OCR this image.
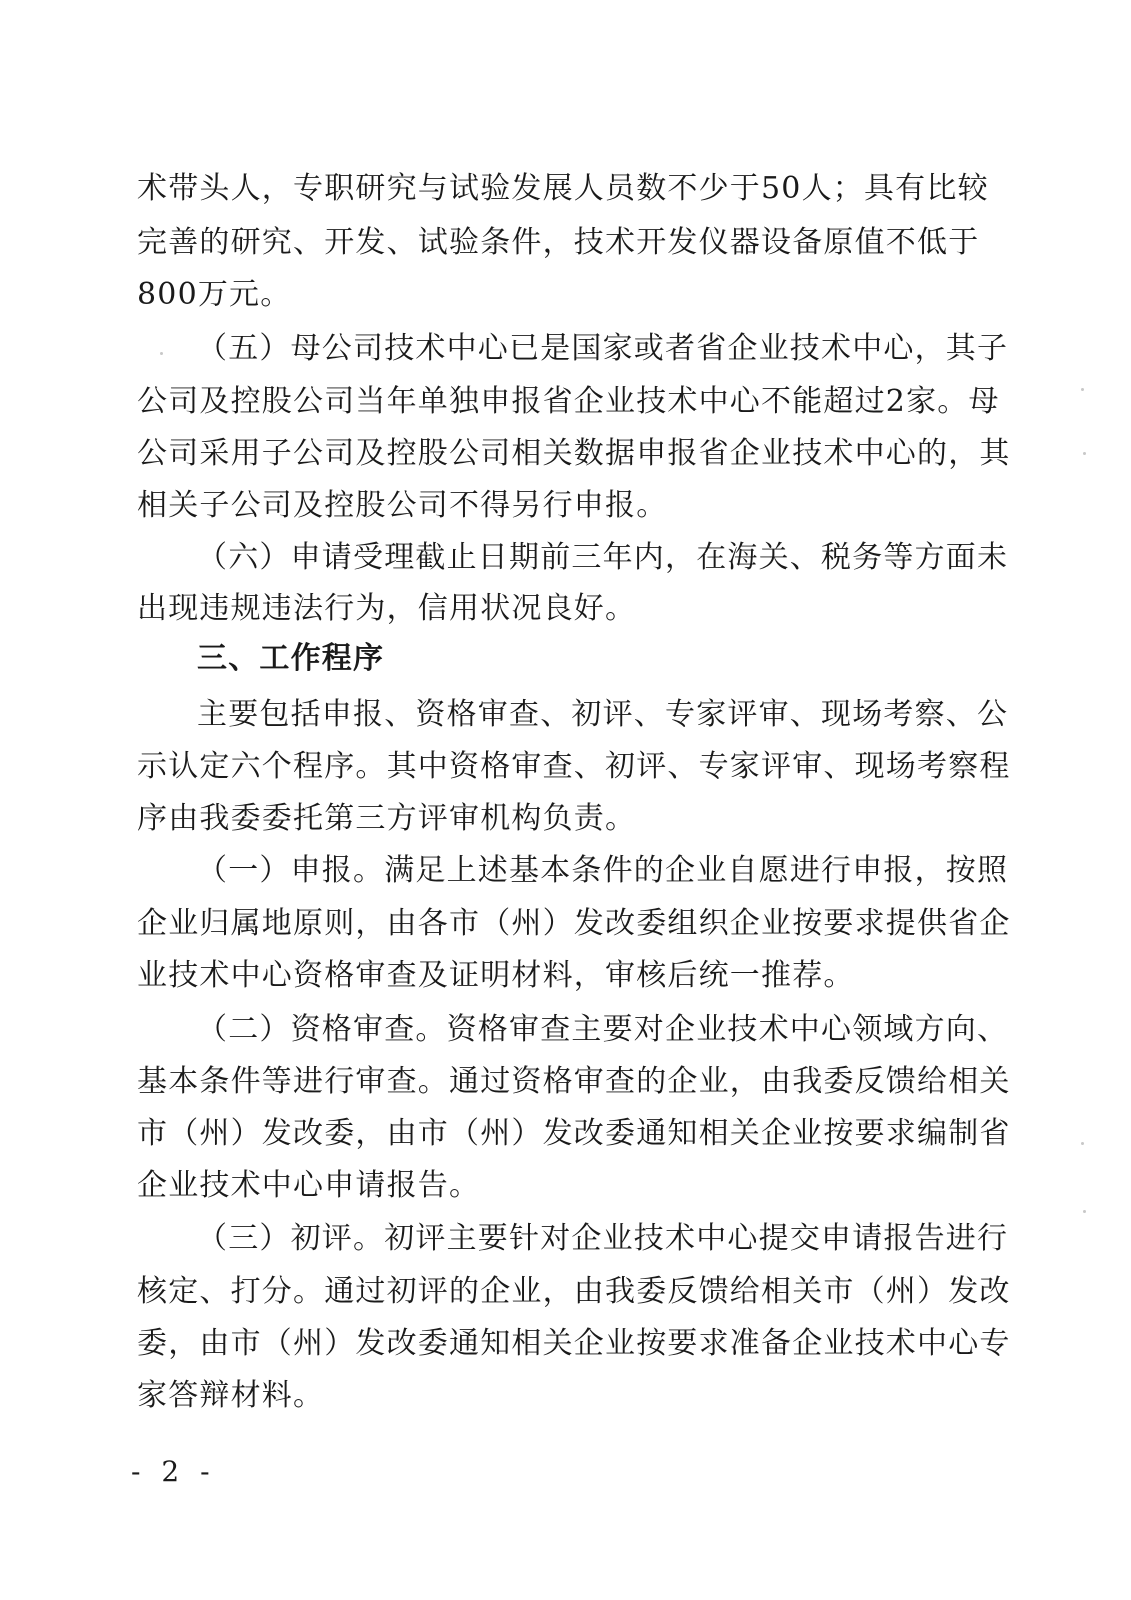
术带头人，专职研究与试验发展人员数不少于50人；具有比较
完善的研究、开发、试验条件，技术开发仪器设备原值不低于
800万元。
（五）母公司技术中心已是国家或者省企业技术中心，其子
公司及控股公司当年单独申报省企业技术中心不能超过2家。母
公司采用子公司及控股公司相关数据申报省企业技术中心的，其
相关子公司及控股公司不得另行申报。
（六）申请受理截止日期前三年内，在海关、税务等方面未
出现违规违法行为，信用状况良好。
三、工作程序
主要包括申报、资格审查、初评、专家评审、现场考察、公
示认定六个程序。其中资格审查、初评、专家评审、现场考察程
序由我委委托第三方评审机构负责。
（一）申报。满足上述基本条件的企业自愿进行申报，按照
企业归属地原则，由各市（州）发改委组织企业按要求提供省企
业技术中心资格审查及证明材料，审核后统一推荐。
（二）资格审查。资格审查主要对企业技术中心领域方向、
基本条件等进行审查。通过资格审查的企业，由我委反馈给相关
市（州）发改委，由市（州）发改委通知相关企业按要求编制省
企业技术中心申请报告。
（三）初评。初评主要针对企业技术中心提交申请报告进行
核定、打分。通过初评的企业，由我委反馈给相关市（州）发改
委，由市（州）发改委通知相关企业按要求准备企业技术中心专
家答辩材料。
- 2 -
